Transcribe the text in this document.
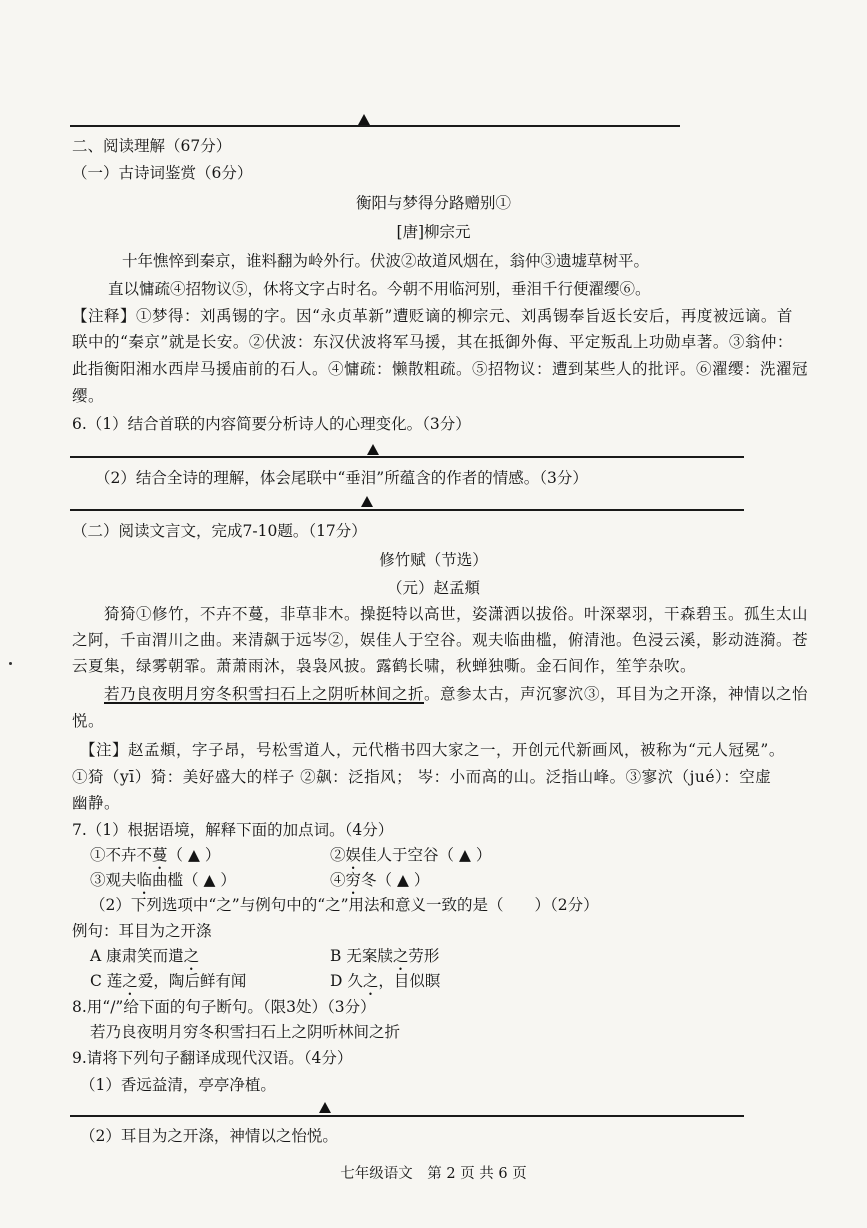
二、阅读理解（67分）
（一）古诗词鉴赏（6分）
衡阳与梦得分路赠别①
[唐]柳宗元
十年憔悴到秦京，谁料翻为岭外行。伏波②故道风烟在，翁仲③遗墟草树平。
直以慵疏④招物议⑤，休将文字占时名。今朝不用临河别，垂泪千行便濯缨⑥。
【注释】①梦得：刘禹锡的字。因“永贞革新”遭贬谪的柳宗元、刘禹锡奉旨返长安后，再度被远谪。首
联中的“秦京”就是长安。②伏波：东汉伏波将军马援，其在抵御外侮、平定叛乱上功勋卓著。③翁仲：
此指衡阳湘水西岸马援庙前的石人。④慵疏：懒散粗疏。⑤招物议：遭到某些人的批评。⑥濯缨：洗濯冠
缨。
6.（1）结合首联的内容简要分析诗人的心理变化。（3分）
（2）结合全诗的理解，体会尾联中“垂泪”所蕴含的作者的情感。（3分）
（二）阅读文言文，完成7-10题。（17分）
修竹赋（节选）
（元）赵孟頫
猗猗①修竹，不卉不蔓，非草非木。操挺特以高世，姿潇洒以拔俗。叶深翠羽，干森碧玉。孤生太山
之阿，千亩渭川之曲。来清飙于远岑②，娱佳人于空谷。观夫临曲槛，俯清池。色浸云溪，影动涟漪。苍
云夏集，绿雾朝霏。萧萧雨沐，袅袅风披。露鹤长啸，秋蝉独嘶。金石间作，笙竽杂吹。
若乃良夜明月穷冬积雪扫石上之阴听林间之折。意参太古，声沉寥泬③，耳目为之开涤，神情以之怡
悦。
【注】赵孟頫，字子昂，号松雪道人，元代楷书四大家之一，开创元代新画风，被称为“元人冠冕”。
①猗（yī）猗：美好盛大的样子 ②飙：泛指风； 岑：小而高的山。泛指山峰。③寥泬（jué）：空虚
幽静。
7.（1）根据语境，解释下面的加点词。（4分）
①不卉不蔓（ ▲ ）	②娱佳人于空谷（ ▲ ）
③观夫临曲槛（ ▲ ）	④穷冬（ ▲ ）
（2）下列选项中“之”与例句中的“之”用法和意义一致的是（　　）（2分）
例句：耳目为之开涤
A 康肃笑而遣之	B 无案牍之劳形
C 莲之爱，陶后鲜有闻	D 久之，目似瞑
8.用“/”给下面的句子断句。（限3处）（3分）
若乃良夜明月穷冬积雪扫石上之阴听林间之折
9.请将下列句子翻译成现代汉语。（4分）
（1）香远益清，亭亭净植。
（2）耳目为之开涤，神情以之怡悦。
七年级语文　第 2 页 共 6 页
